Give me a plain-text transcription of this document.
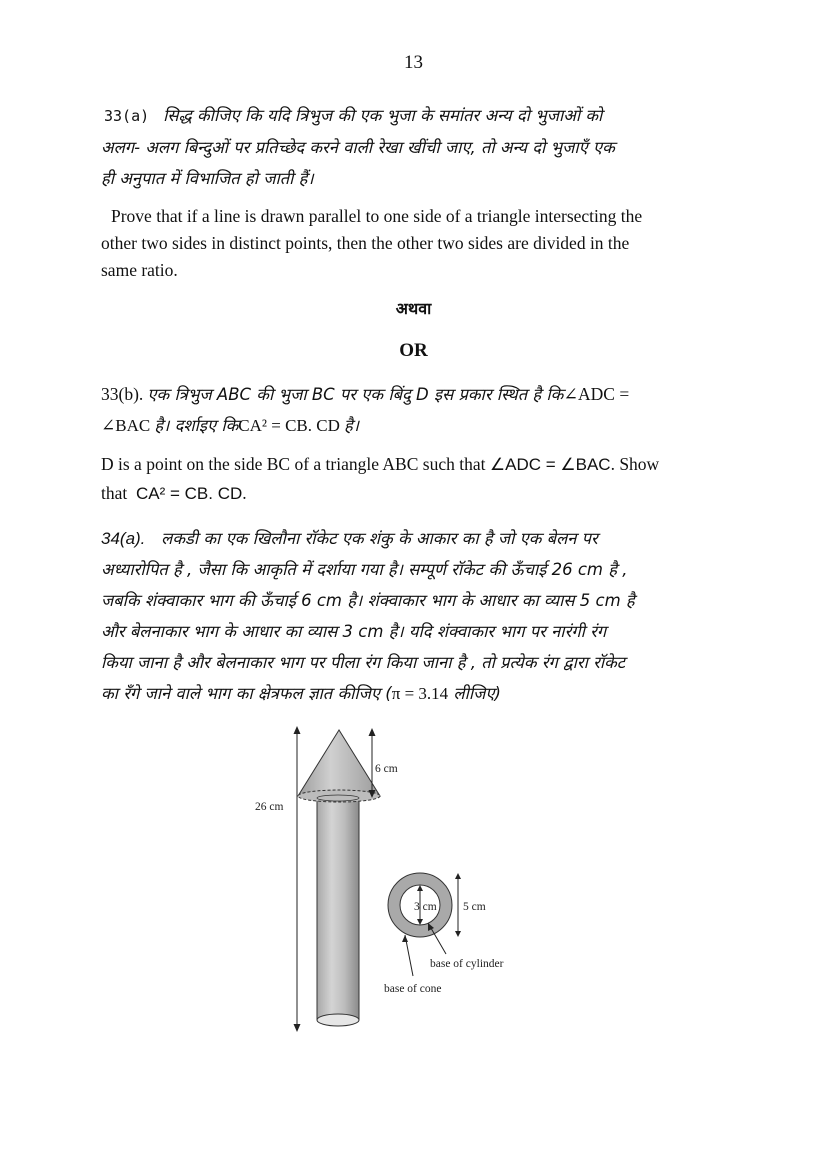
13
33(a) सिद्ध कीजिए कि यदि त्रिभुज की एक भुजा के समांतर अन्य दो भुजाओं को
अलग- अलग बिन्दुओं पर प्रतिच्छेद करने वाली रेखा खींची जाए, तो अन्य दो भुजाएँ एक
ही अनुपात में विभाजित हो जाती हैं।
Prove that if a line is drawn parallel to one side of a triangle intersecting the
other two sides in distinct points, then the other two sides are divided in the
same ratio.
अथवा
OR
33(b). एक त्रिभुज ABC की भुजा BC पर एक बिंदु D इस प्रकार स्थित है कि∠ADC =
∠BAC है। दर्शाइए किCA² = CB. CD है।
D is a point on the side BC of a triangle ABC such that ∠ADC = ∠BAC. Show
that CA² = CB. CD.
34(a). लकडी का एक खिलौना रॉकेट एक शंकु के आकार का है जो एक बेलन पर
अध्यारोपित है , जैसा कि आकृति में दर्शाया गया है। सम्पूर्ण रॉकेट की ऊँचाई 26 cm है ,
जबकि शंक्वाकार भाग की ऊँचाई 6 cm है। शंक्वाकार भाग के आधार का व्यास 5 cm है
और बेलनाकार भाग के आधार का व्यास 3 cm है। यदि शंक्वाकार भाग पर नारंगी रंग
किया जाना है और बेलनाकार भाग पर पीला रंग किया जाना है , तो प्रत्येक रंग द्वारा रॉकेट
का रँगे जाने वाले भाग का क्षेत्रफल ज्ञात कीजिए (π = 3.14 लीजिए)
26 cm
6 cm
3 cm 5 cm
base of cylinder
base of cone
